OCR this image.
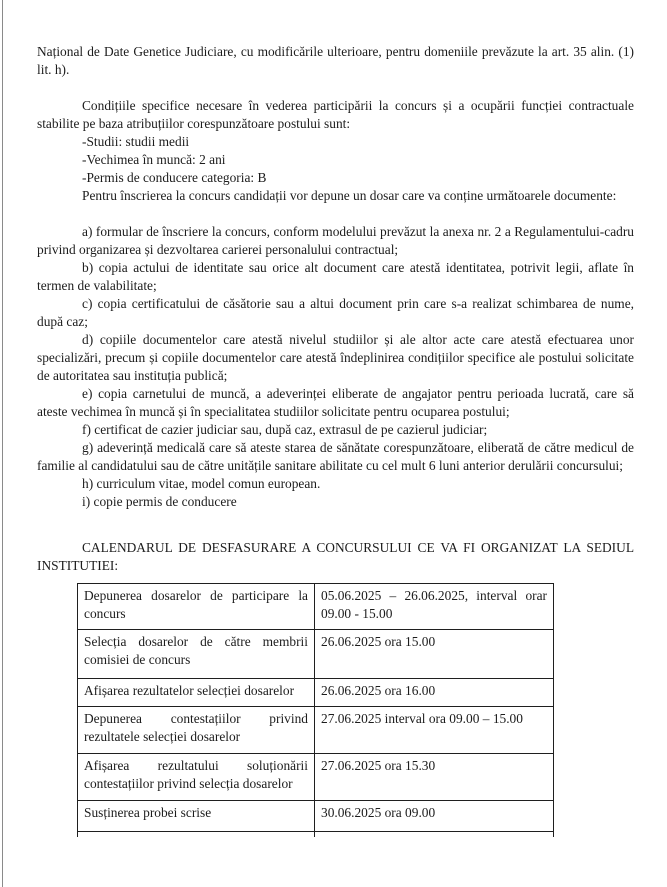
Național de Date Genetice Judiciare, cu modificările ulterioare, pentru domeniile prevăzute la art. 35 alin. (1) lit. h).

Condițiile specifice necesare în vederea participării la concurs și a ocupării funcției contractuale stabilite pe baza atribuțiilor corespunzătoare postului sunt:

-Studii: studii medii
-Vechimea în muncă: 2 ani
-Permis de conducere categoria: B

Pentru înscrierea la concurs candidații vor depune un dosar care va conține următoarele documente:

a) formular de înscriere la concurs, conform modelului prevăzut la anexa nr. 2 a Regulamentului-cadru privind organizarea și dezvoltarea carierei personalului contractual;

b) copia actului de identitate sau orice alt document care atestă identitatea, potrivit legii, aflate în termen de valabilitate;

c) copia certificatului de căsătorie sau a altui document prin care s-a realizat schimbarea de nume, după caz;

d) copiile documentelor care atestă nivelul studiilor și ale altor acte care atestă efectuarea unor specializări, precum și copiile documentelor care atestă îndeplinirea condițiilor specifice ale postului solicitate de autoritatea sau instituția publică;

e) copia carnetului de muncă, a adeverinței eliberate de angajator pentru perioada lucrată, care să ateste vechimea în muncă și în specialitatea studiilor solicitate pentru ocuparea postului;

f) certificat de cazier judiciar sau, după caz, extrasul de pe cazierul judiciar;

g) adeverință medicală care să ateste starea de sănătate corespunzătoare, eliberată de către medicul de familie al candidatului sau de către unitățile sanitare abilitate cu cel mult 6 luni anterior derulării concursului;

h) curriculum vitae, model comun european.

i) copie permis de conducere

CALENDARUL DE DESFASURARE A CONCURSULUI CE VA FI ORGANIZAT LA SEDIUL INSTITUTIEI:

Depunerea dosarelor de participare la concurs	05.06.2025 – 26.06.2025, interval orar 09.00 - 15.00
Selecția dosarelor de către membrii comisiei de concurs	26.06.2025 ora 15.00
Afișarea rezultatelor selecției dosarelor	26.06.2025 ora 16.00
Depunerea contestațiilor privind rezultatele selecției dosarelor	27.06.2025 interval ora 09.00 – 15.00
Afișarea rezultatului soluționării contestațiilor privind selecția dosarelor	27.06.2025 ora 15.30
Susținerea probei scrise	30.06.2025 ora 09.00
